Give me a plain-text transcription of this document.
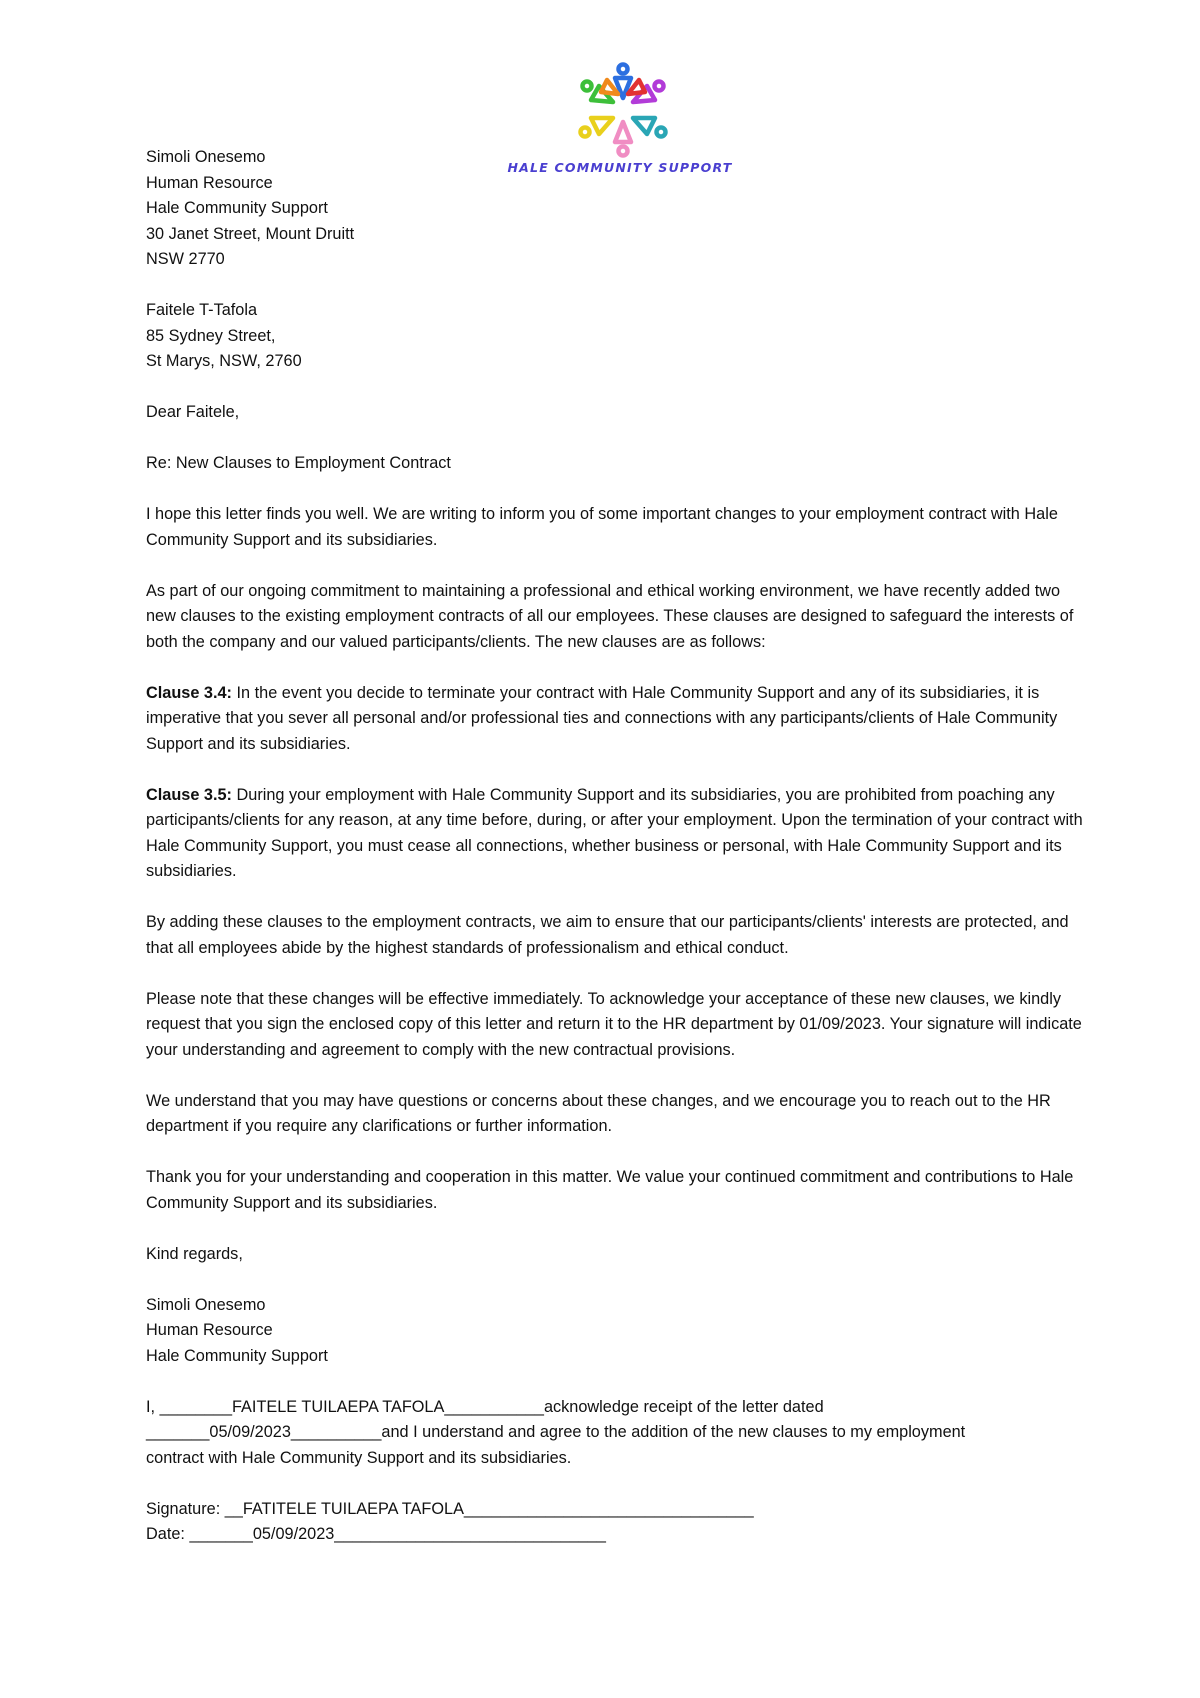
HALE COMMUNITY SUPPORT

Simoli Onesemo
Human Resource
Hale Community Support
30 Janet Street, Mount Druitt
NSW 2770

Faitele T-Tafola
85 Sydney Street,
St Marys, NSW, 2760

Dear Faitele,

Re: New Clauses to Employment Contract

I hope this letter finds you well. We are writing to inform you of some important changes to your employment contract with Hale Community Support and its subsidiaries.

As part of our ongoing commitment to maintaining a professional and ethical working environment, we have recently added two new clauses to the existing employment contracts of all our employees. These clauses are designed to safeguard the interests of both the company and our valued participants/clients. The new clauses are as follows:

Clause 3.4: In the event you decide to terminate your contract with Hale Community Support and any of its subsidiaries, it is imperative that you sever all personal and/or professional ties and connections with any participants/clients of Hale Community Support and its subsidiaries.

Clause 3.5: During your employment with Hale Community Support and its subsidiaries, you are prohibited from poaching any participants/clients for any reason, at any time before, during, or after your employment. Upon the termination of your contract with Hale Community Support, you must cease all connections, whether business or personal, with Hale Community Support and its subsidiaries.

By adding these clauses to the employment contracts, we aim to ensure that our participants/clients' interests are protected, and that all employees abide by the highest standards of professionalism and ethical conduct.

Please note that these changes will be effective immediately. To acknowledge your acceptance of these new clauses, we kindly request that you sign the enclosed copy of this letter and return it to the HR department by 01/09/2023. Your signature will indicate your understanding and agreement to comply with the new contractual provisions.

We understand that you may have questions or concerns about these changes, and we encourage you to reach out to the HR department if you require any clarifications or further information.

Thank you for your understanding and cooperation in this matter. We value your continued commitment and contributions to Hale Community Support and its subsidiaries.

Kind regards,

Simoli Onesemo
Human Resource
Hale Community Support

I, ________FAITELE TUILAEPA TAFOLA___________acknowledge receipt of the letter dated
_______05/09/2023__________and I understand and agree to the addition of the new clauses to my employment
contract with Hale Community Support and its subsidiaries.

Signature: __FATITELE TUILAEPA TAFOLA________________________________
Date: _______05/09/2023______________________________
